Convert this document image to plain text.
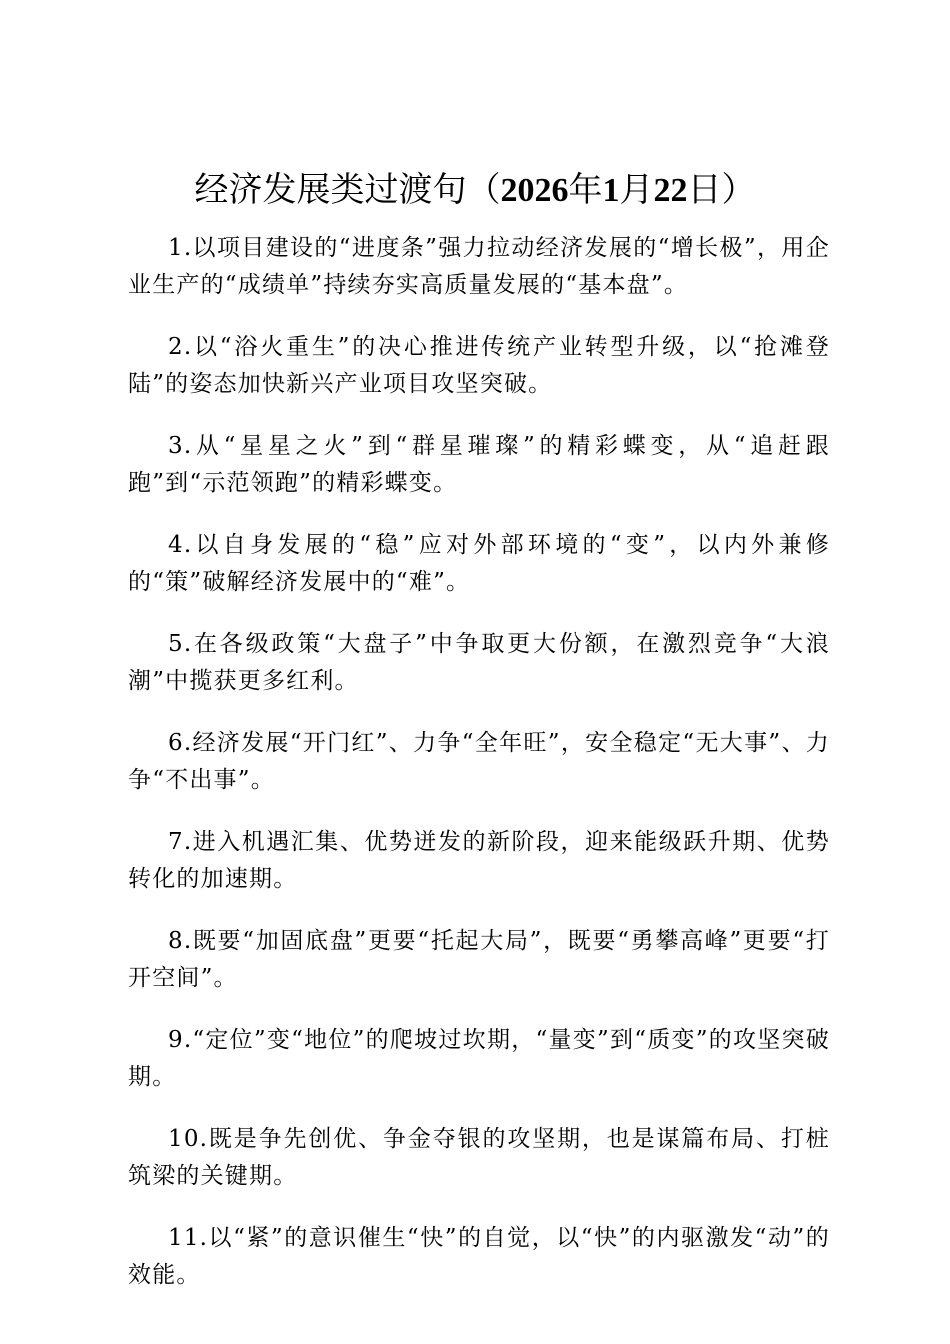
经济发展类过渡句（2026年1月22日）

1.以项目建设的“进度条”强力拉动经济发展的“增长极”，用企业生产的“成绩单”持续夯实高质量发展的“基本盘”。

2.以“浴火重生”的决心推进传统产业转型升级，以“抢滩登陆”的姿态加快新兴产业项目攻坚突破。

3.从“星星之火”到“群星璀璨”的精彩蝶变，从“追赶跟跑”到“示范领跑”的精彩蝶变。

4.以自身发展的“稳”应对外部环境的“变”，以内外兼修的“策”破解经济发展中的“难”。

5.在各级政策“大盘子”中争取更大份额，在激烈竞争“大浪潮”中揽获更多红利。

6.经济发展“开门红”、力争“全年旺”，安全稳定“无大事”、力争“不出事”。

7.进入机遇汇集、优势迸发的新阶段，迎来能级跃升期、优势转化的加速期。

8.既要“加固底盘”更要“托起大局”，既要“勇攀高峰”更要“打开空间”。

9.“定位”变“地位”的爬坡过坎期，“量变”到“质变”的攻坚突破期。

10.既是争先创优、争金夺银的攻坚期，也是谋篇布局、打桩筑梁的关键期。

11.以“紧”的意识催生“快”的自觉，以“快”的内驱激发“动”的效能。
